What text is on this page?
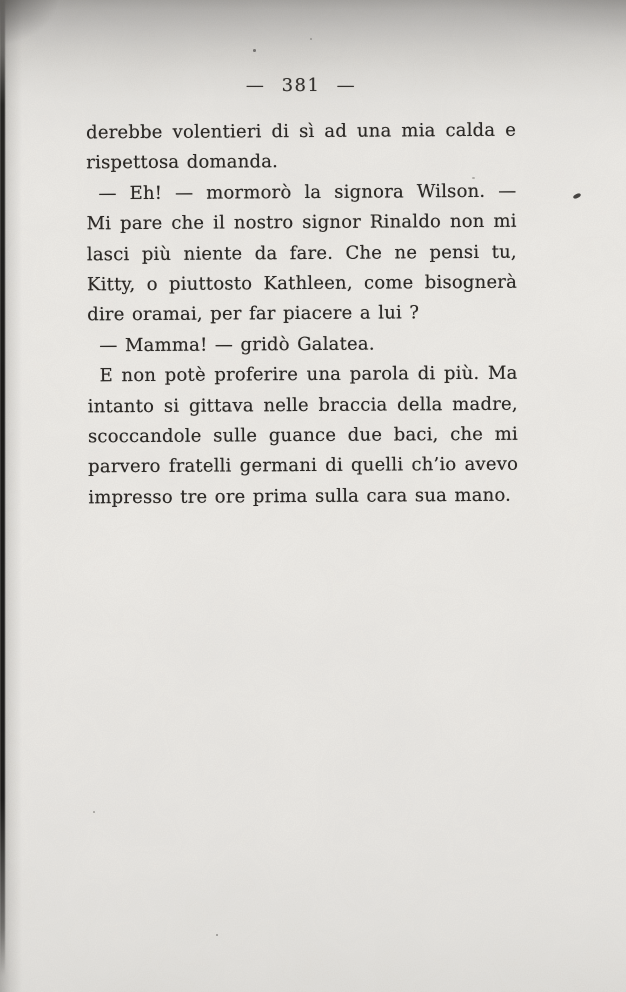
— 381 —
derebbe volentieri di sì ad una mia calda e
rispettosa domanda.
— Eh! — mormorò la signora Wilson. —
Mi pare che il nostro signor Rinaldo non mi
lasci più niente da fare. Che ne pensi tu,
Kitty, o piuttosto Kathleen, come bisognerà
dire oramai, per far piacere a lui ?
— Mamma! — gridò Galatea.
E non potè proferire una parola di più. Ma
intanto si gittava nelle braccia della madre,
scoccandole sulle guance due baci, che mi
parvero fratelli germani di quelli ch’io avevo
impresso tre ore prima sulla cara sua mano.
